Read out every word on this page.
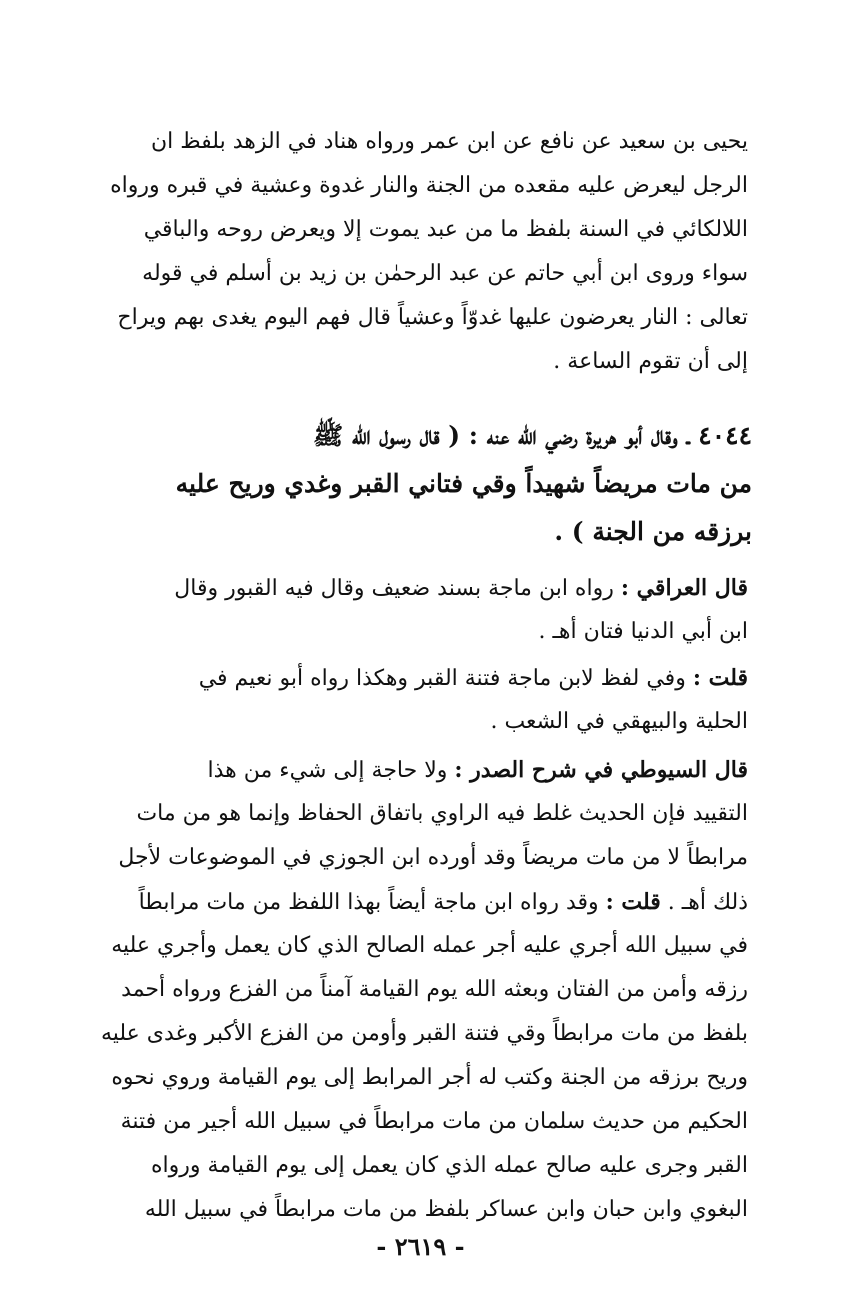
يحيى بن سعيد عن نافع عن ابن عمر ورواه هناد في الزهد بلفظ ان
الرجل ليعرض عليه مقعده من الجنة والنار غدوة وعشية في قبره ورواه
اللالكائي في السنة بلفظ ما من عبد يموت إلا ويعرض روحه والباقي
سواء وروى ابن أبي حاتم عن عبد الرحمٰن بن زيد بن أسلم في قوله
تعالى : النار يعرضون عليها غدوّاً وعشياً قال فهم اليوم يغدى بهم ويراح
إلى أن تقوم الساعة .
٤٠٤٤ ـ وقال أبو هريرة رضي الله عنه : ( قال رسول الله ﷺ
من مات مريضاً شهيداً وقي فتاني القبر وغدي وريح عليه
برزقه من الجنة ) .
قال العراقي : رواه ابن ماجة بسند ضعيف وقال فيه القبور وقال
ابن أبي الدنيا فتان أهـ .
قلت : وفي لفظ لابن ماجة فتنة القبر وهكذا رواه أبو نعيم في
الحلية والبيهقي في الشعب .
قال السيوطي في شرح الصدر : ولا حاجة إلى شيء من هذا
التقييد فإن الحديث غلط فيه الراوي باتفاق الحفاظ وإنما هو من مات
مرابطاً لا من مات مريضاً وقد أورده ابن الجوزي في الموضوعات لأجل
ذلك أهـ . قلت : وقد رواه ابن ماجة أيضاً بهذا اللفظ من مات مرابطاً
في سبيل الله أجري عليه أجر عمله الصالح الذي كان يعمل وأجري عليه
رزقه وأمن من الفتان وبعثه الله يوم القيامة آمناً من الفزع ورواه أحمد
بلفظ من مات مرابطاً وقي فتنة القبر وأومن من الفزع الأكبر وغدى عليه
وريح برزقه من الجنة وكتب له أجر المرابط إلى يوم القيامة وروي نحوه
الحكيم من حديث سلمان من مات مرابطاً في سبيل الله أجير من فتنة
القبر وجرى عليه صالح عمله الذي كان يعمل إلى يوم القيامة ورواه
البغوي وابن حبان وابن عساكر بلفظ من مات مرابطاً في سبيل الله
- ٢٦١٩ -
